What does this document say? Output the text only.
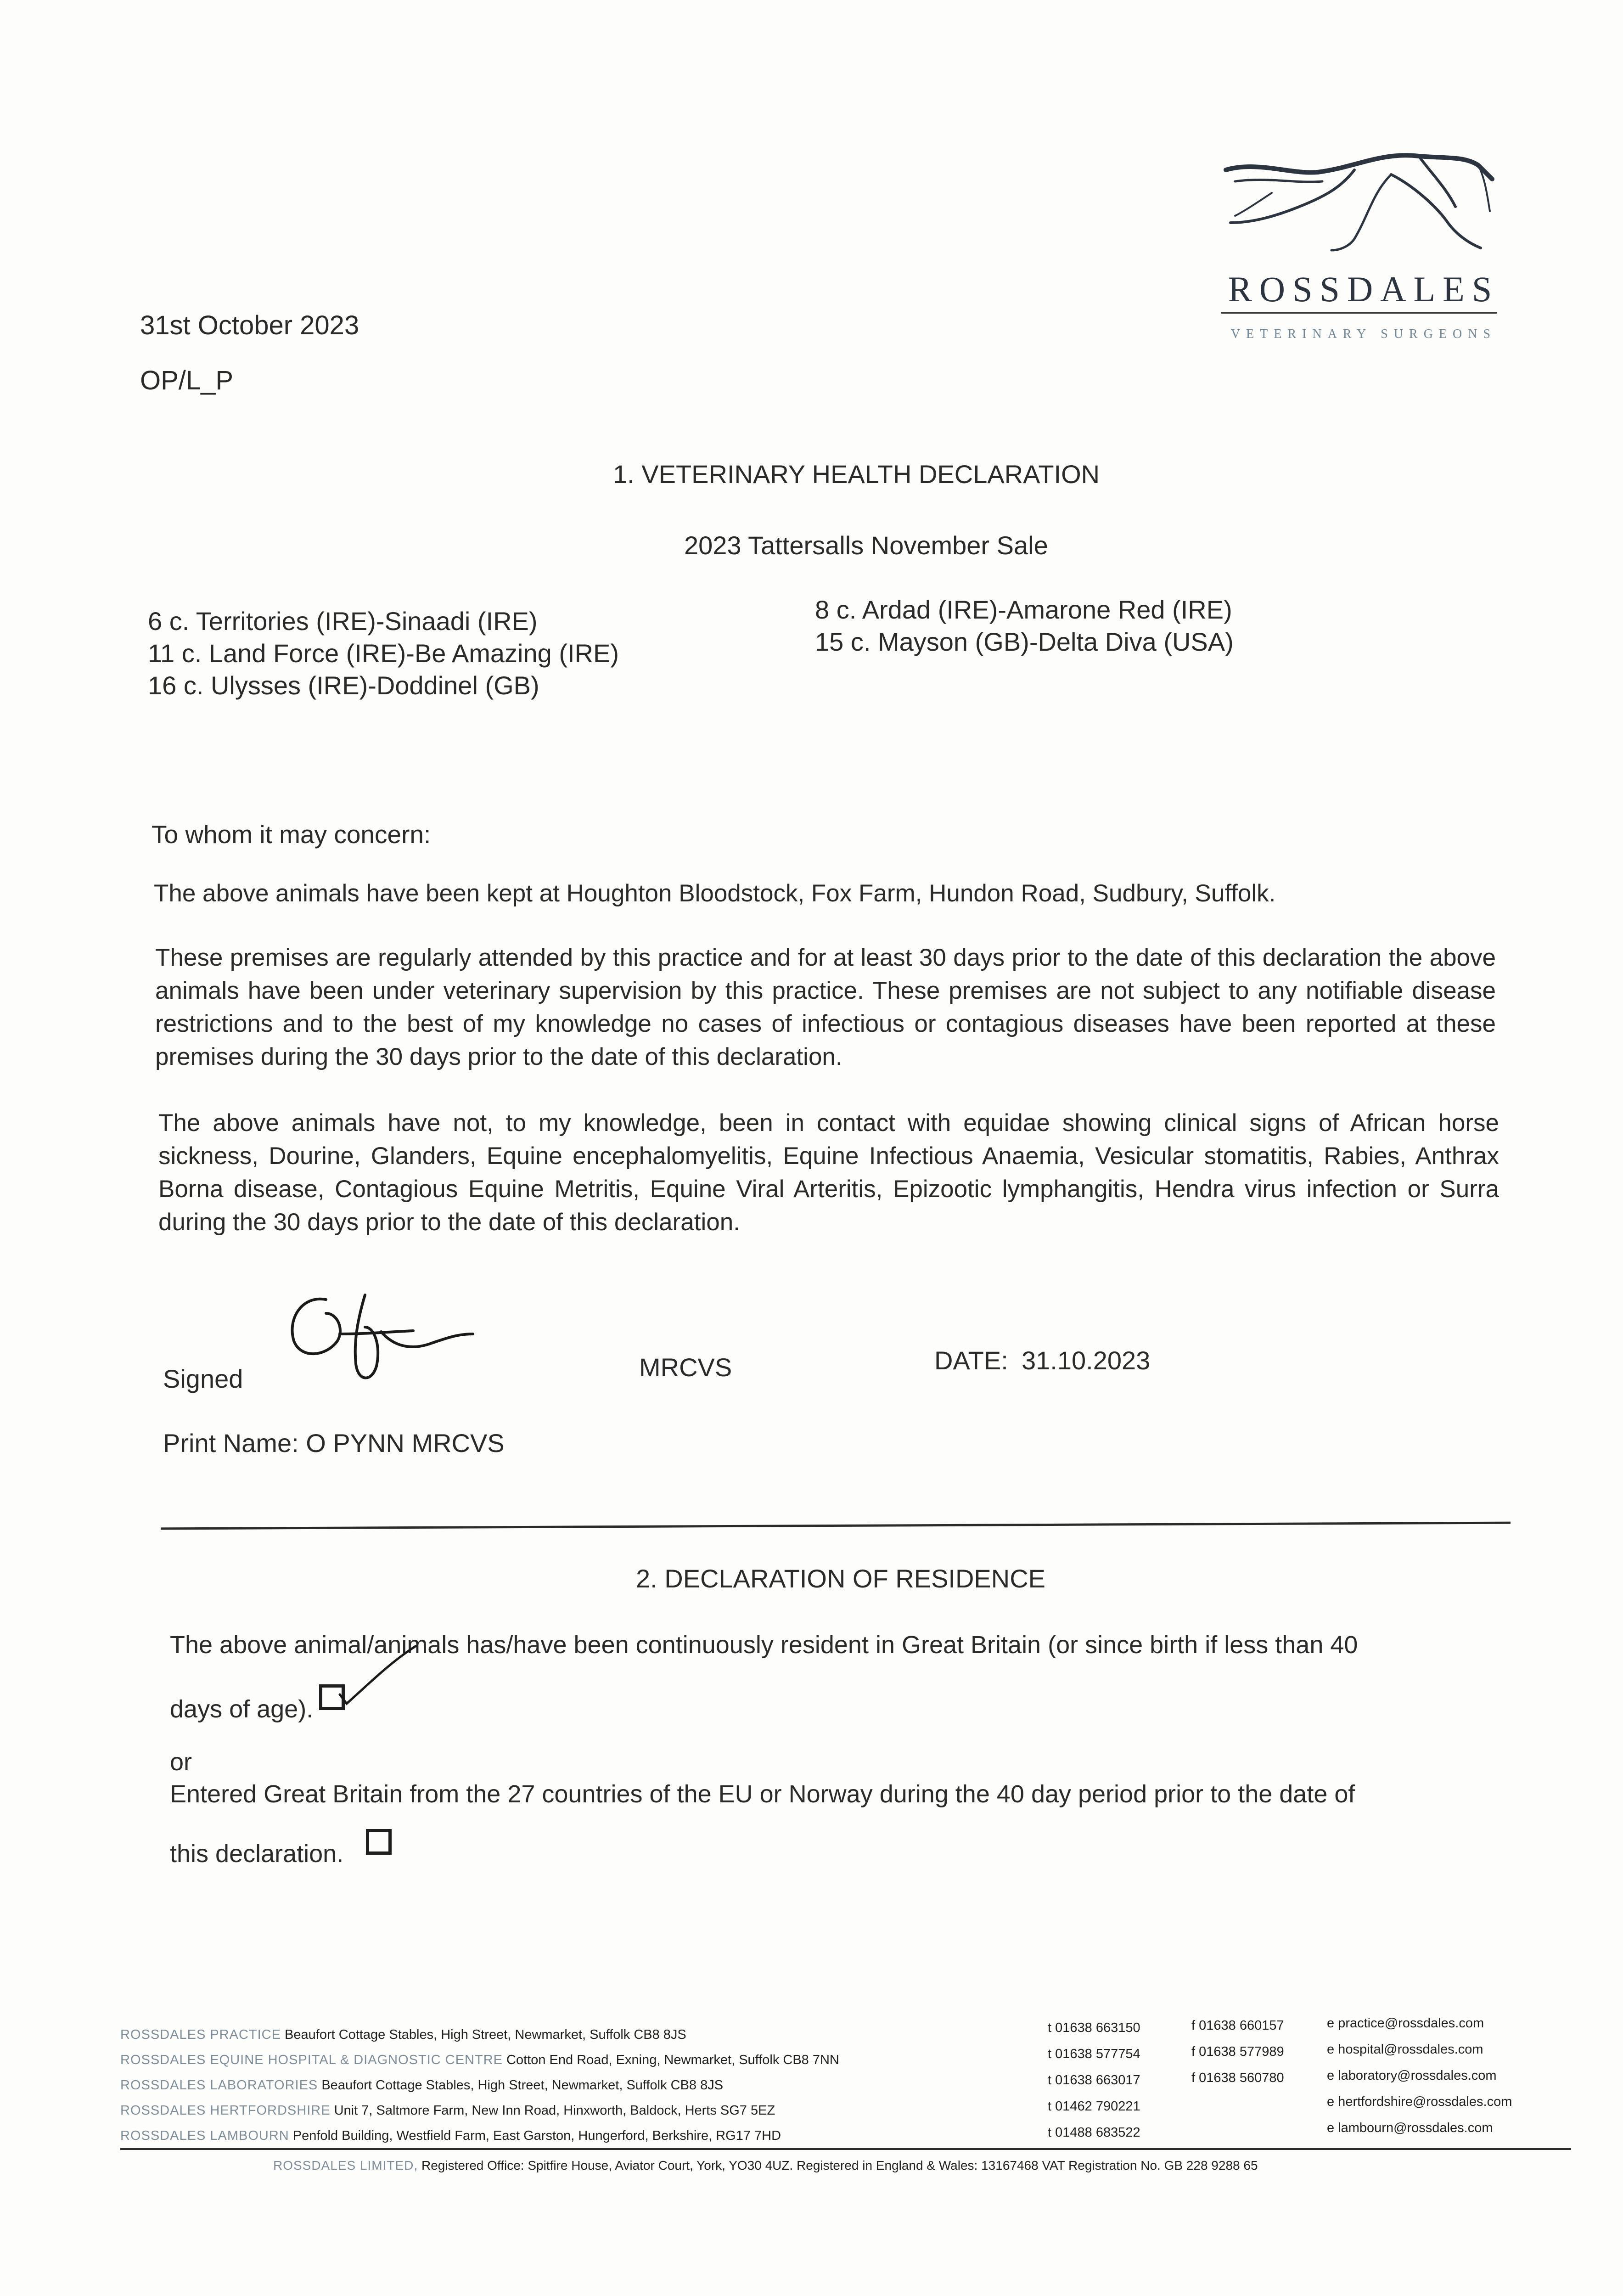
ROSSDALES
VETERINARY SURGEONS
31st October 2023
OP/L_P
1. VETERINARY HEALTH DECLARATION
2023 Tattersalls November Sale
6 c. Territories (IRE)-Sinaadi (IRE)
11 c. Land Force (IRE)-Be Amazing (IRE)
16 c. Ulysses (IRE)-Doddinel (GB)
8 c. Ardad (IRE)-Amarone Red (IRE)
15 c. Mayson (GB)-Delta Diva (USA)
To whom it may concern:
The above animals have been kept at Houghton Bloodstock, Fox Farm, Hundon Road, Sudbury, Suffolk.
These premises are regularly attended by this practice and for at least 30 days prior to the date of this declaration the above animals have been under veterinary supervision by this practice. These premises are not subject to any notifiable disease restrictions and to the best of my knowledge no cases of infectious or contagious diseases have been reported at these premises during the 30 days prior to the date of this declaration.
The above animals have not, to my knowledge, been in contact with equidae showing clinical signs of African horse sickness, Dourine, Glanders, Equine encephalomyelitis, Equine Infectious Anaemia, Vesicular stomatitis, Rabies, Anthrax Borna disease, Contagious Equine Metritis, Equine Viral Arteritis, Epizootic lymphangitis, Hendra virus infection or Surra during the 30 days prior to the date of this declaration.
Signed	MRCVS	DATE: 31.10.2023
Print Name: O PYNN MRCVS
2. DECLARATION OF RESIDENCE
The above animal/animals has/have been continuously resident in Great Britain (or since birth if less than 40
days of age).
or
Entered Great Britain from the 27 countries of the EU or Norway during the 40 day period prior to the date of
this declaration.
ROSSDALES PRACTICE Beaufort Cottage Stables, High Street, Newmarket, Suffolk CB8 8JS
ROSSDALES EQUINE HOSPITAL & DIAGNOSTIC CENTRE Cotton End Road, Exning, Newmarket, Suffolk CB8 7NN
ROSSDALES LABORATORIES Beaufort Cottage Stables, High Street, Newmarket, Suffolk CB8 8JS
ROSSDALES HERTFORDSHIRE Unit 7, Saltmore Farm, New Inn Road, Hinxworth, Baldock, Herts SG7 5EZ
ROSSDALES LAMBOURN Penfold Building, Westfield Farm, East Garston, Hungerford, Berkshire, RG17 7HD
t 01638 663150
t 01638 577754
t 01638 663017
t 01462 790221
t 01488 683522
f 01638 660157
f 01638 577989
f 01638 560780
e practice@rossdales.com
e hospital@rossdales.com
e laboratory@rossdales.com
e hertfordshire@rossdales.com
e lambourn@rossdales.com
ROSSDALES LIMITED, Registered Office: Spitfire House, Aviator Court, York, YO30 4UZ. Registered in England & Wales: 13167468 VAT Registration No. GB 228 9288 65
